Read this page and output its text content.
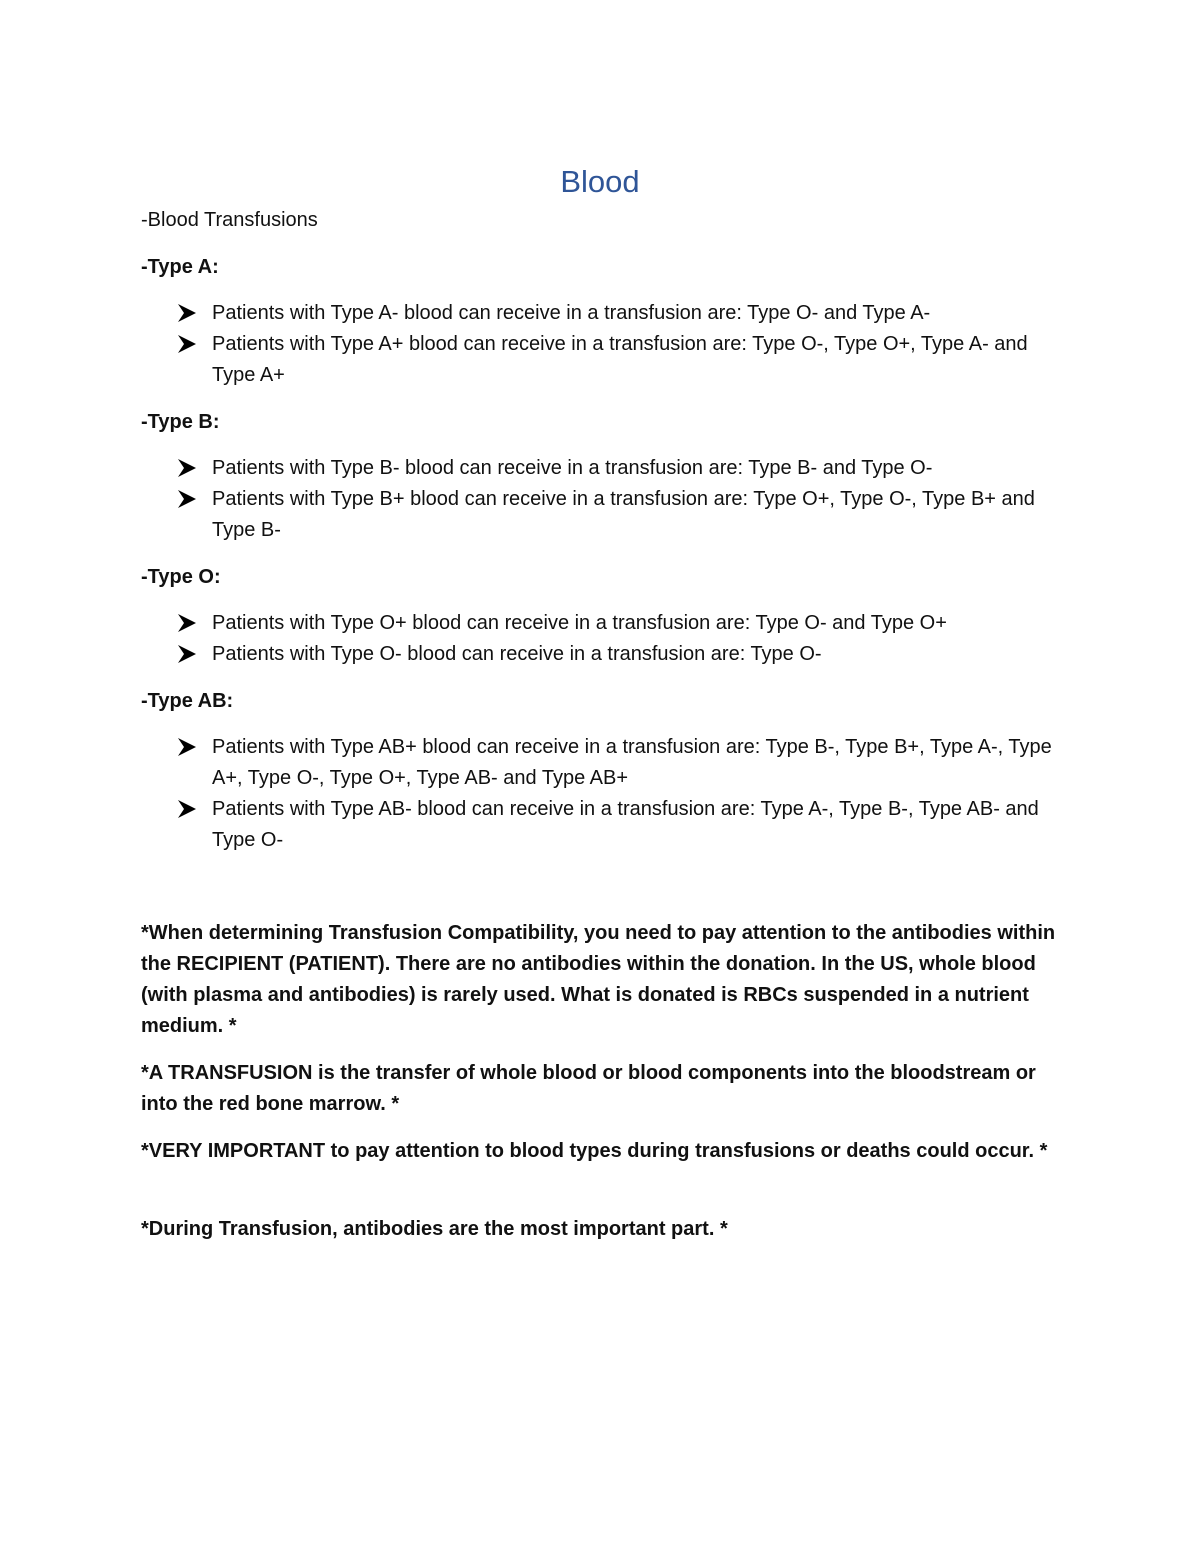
Blood
-Blood Transfusions
-Type A:
Patients with Type A- blood can receive in a transfusion are: Type O- and Type A-
Patients with Type A+ blood can receive in a transfusion are: Type O-, Type O+, Type A- and Type A+
-Type B:
Patients with Type B- blood can receive in a transfusion are: Type B- and Type O-
Patients with Type B+ blood can receive in a transfusion are: Type O+, Type O-, Type B+ and Type B-
-Type O:
Patients with Type O+ blood can receive in a transfusion are: Type O- and Type O+
Patients with Type O- blood can receive in a transfusion are: Type O-
-Type AB:
Patients with Type AB+ blood can receive in a transfusion are: Type B-, Type B+, Type A-, Type A+, Type O-, Type O+, Type AB- and Type AB+
Patients with Type AB- blood can receive in a transfusion are: Type A-, Type B-, Type AB- and Type O-
*When determining Transfusion Compatibility, you need to pay attention to the antibodies within the RECIPIENT (PATIENT). There are no antibodies within the donation. In the US, whole blood (with plasma and antibodies) is rarely used. What is donated is RBCs suspended in a nutrient medium. *
*A TRANSFUSION is the transfer of whole blood or blood components into the bloodstream or into the red bone marrow. *
*VERY IMPORTANT to pay attention to blood types during transfusions or deaths could occur. *
*During Transfusion, antibodies are the most important part. *
